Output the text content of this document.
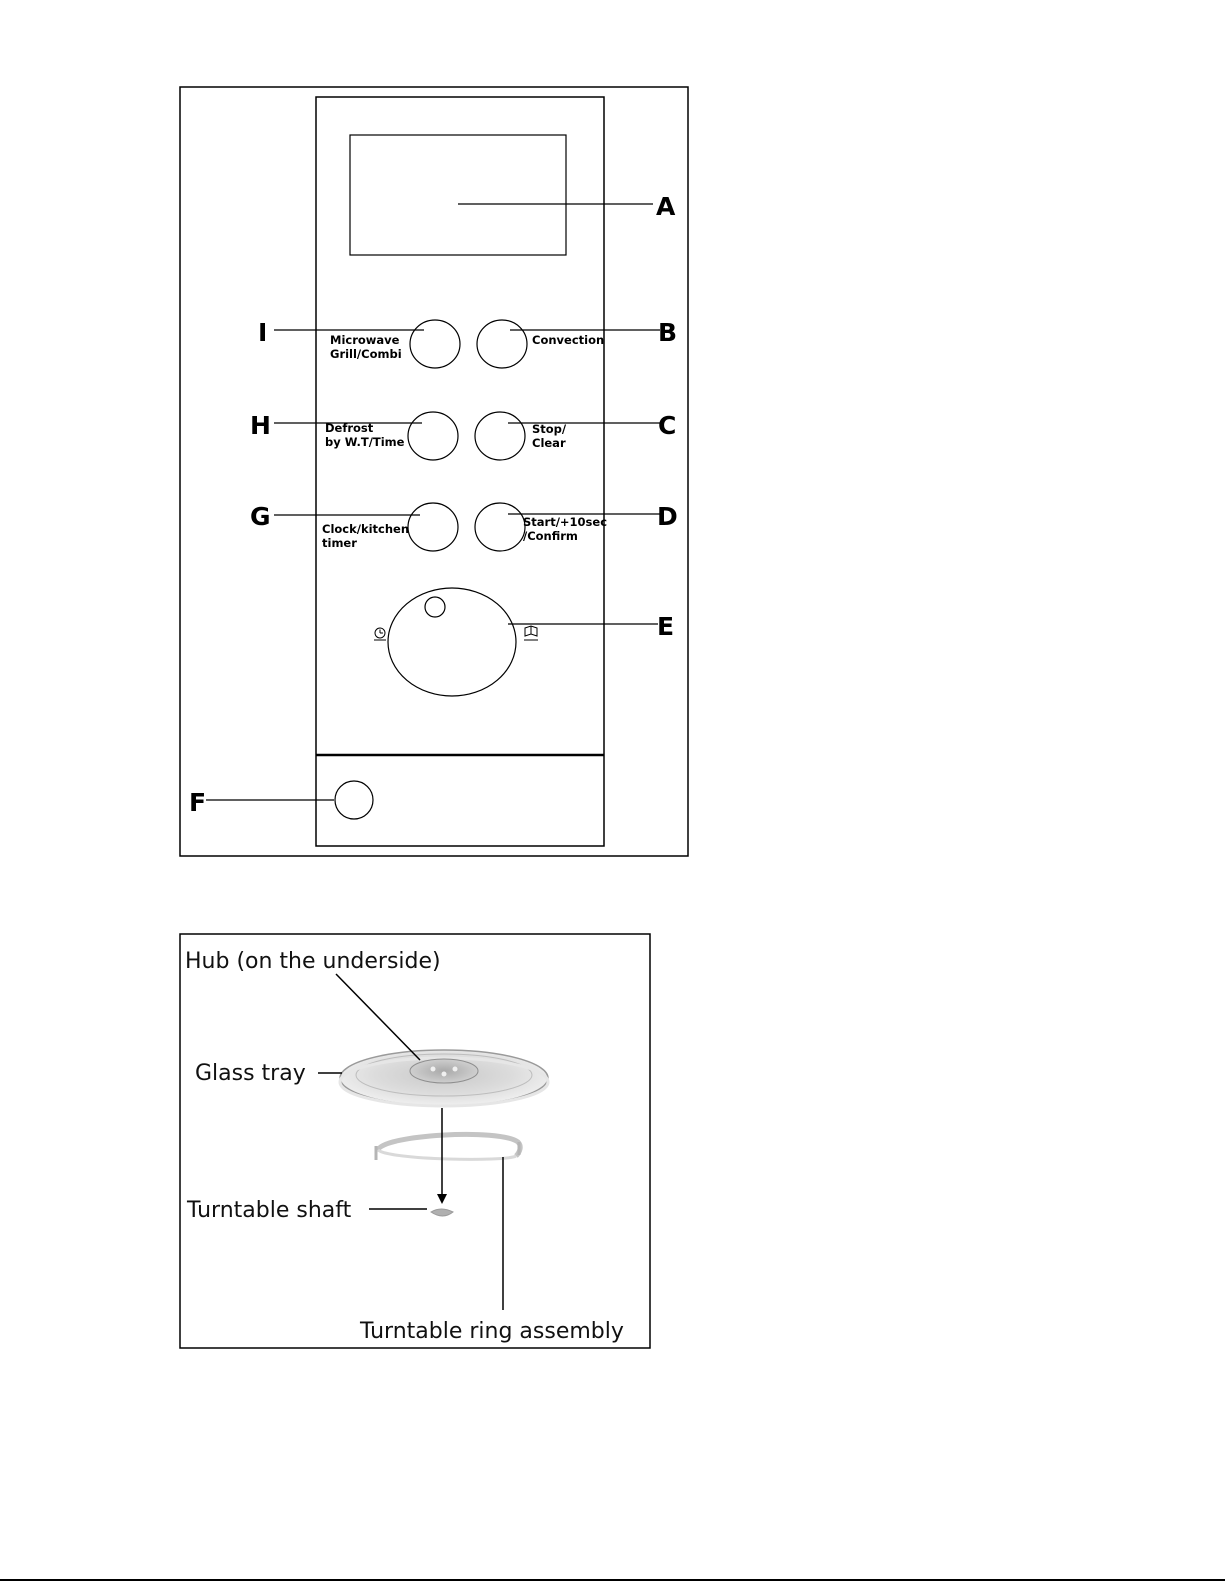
A
I	B
Microwave
Grill/Combi
Convection
H	C
Defrost
by W.T/Time
Stop/
Clear
G	D
Clock/kitchen
timer
Start/+10sec
/Confirm
E
F
Hub (on the underside)
Glass tray
Turntable shaft
Turntable ring assembly
